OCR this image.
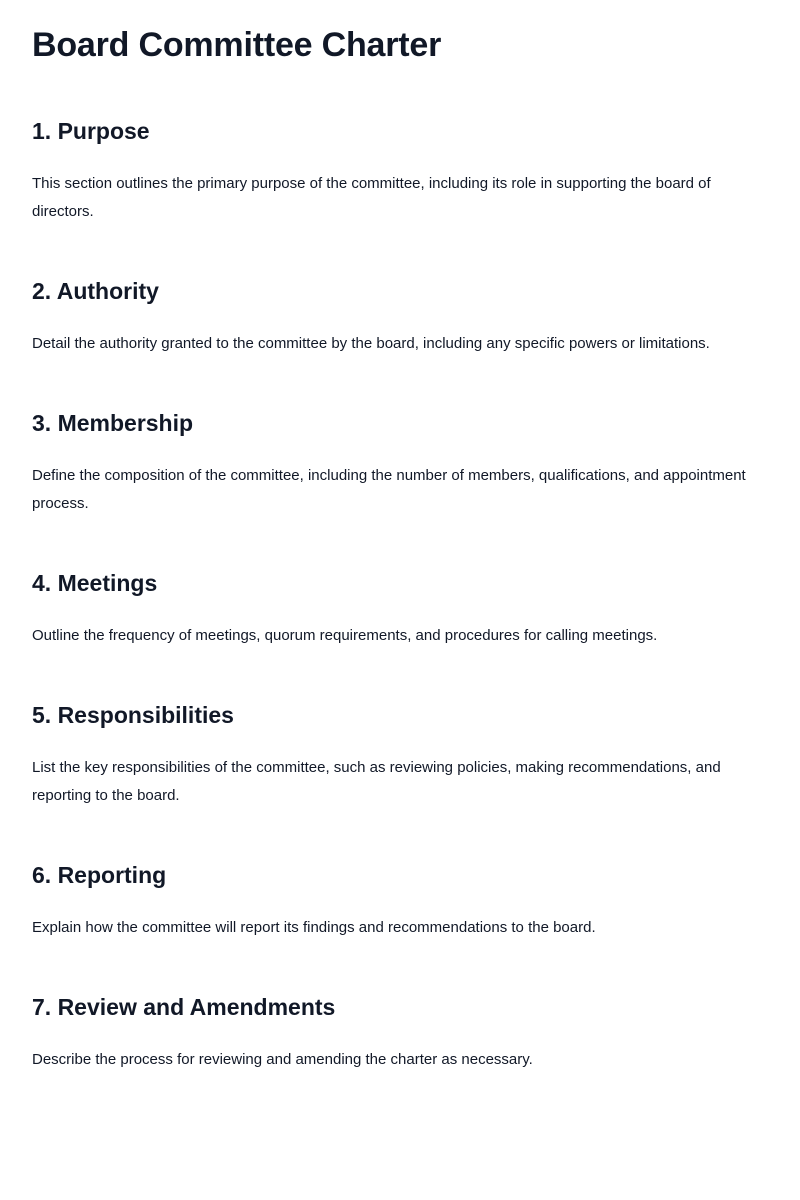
Board Committee Charter
1. Purpose

This section outlines the primary purpose of the committee, including its role in supporting the board of directors.

2. Authority

Detail the authority granted to the committee by the board, including any specific powers or limitations.

3. Membership

Define the composition of the committee, including the number of members, qualifications, and appointment process.

4. Meetings

Outline the frequency of meetings, quorum requirements, and procedures for calling meetings.

5. Responsibilities

List the key responsibilities of the committee, such as reviewing policies, making recommendations, and reporting to the board.

6. Reporting

Explain how the committee will report its findings and recommendations to the board.

7. Review and Amendments

Describe the process for reviewing and amending the charter as necessary.
